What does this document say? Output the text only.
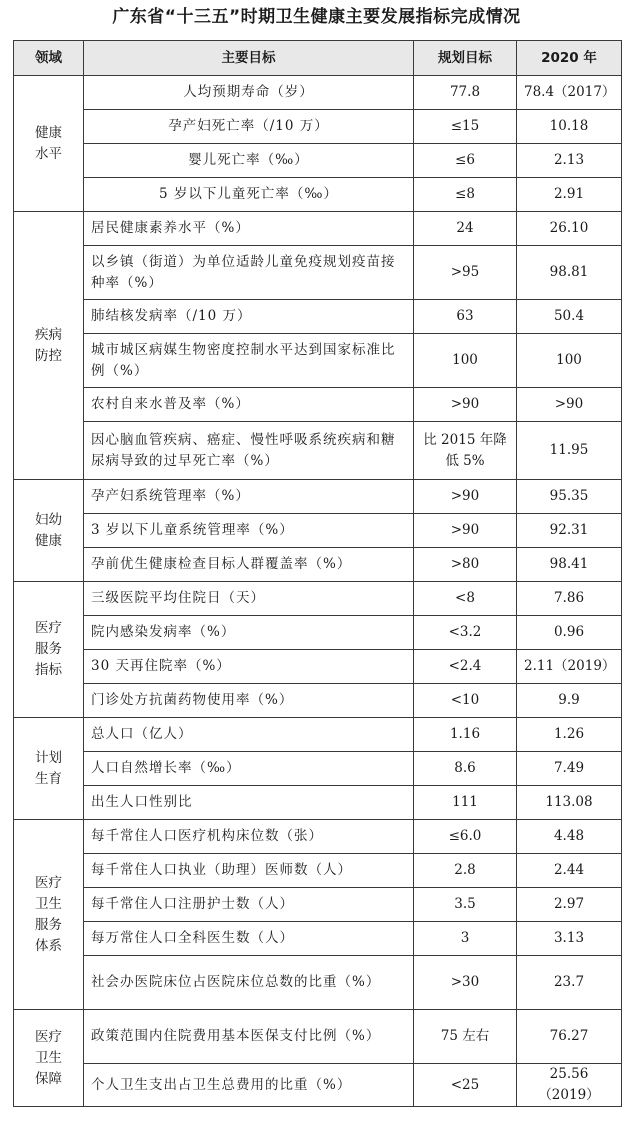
广东省“十三五”时期卫生健康主要发展指标完成情况
领域	主要目标	规划目标	2020 年
健康水平	人均预期寿命（岁）	77.8	78.4（2017）
	孕产妇死亡率（/10 万）	≤15	10.18
	婴儿死亡率（‰）	≤6	2.13
	5 岁以下儿童死亡率（‰）	≤8	2.91
疾病防控	居民健康素养水平（%）	24	26.10
	以乡镇（街道）为单位适龄儿童免疫规划疫苗接种率（%）	>95	98.81
	肺结核发病率（/10 万）	63	50.4
	城市城区病媒生物密度控制水平达到国家标准比例（%）	100	100
	农村自来水普及率（%）	>90	>90
	因心脑血管疾病、癌症、慢性呼吸系统疾病和糖尿病导致的过早死亡率（%）	比 2015 年降低 5%	11.95
妇幼健康	孕产妇系统管理率（%）	>90	95.35
	3 岁以下儿童系统管理率（%）	>90	92.31
	孕前优生健康检查目标人群覆盖率（%）	>80	98.41
医疗服务指标	三级医院平均住院日（天）	<8	7.86
	院内感染发病率（%）	<3.2	0.96
	30 天再住院率（%）	<2.4	2.11（2019）
	门诊处方抗菌药物使用率（%）	<10	9.9
计划生育	总人口（亿人）	1.16	1.26
	人口自然增长率（‰）	8.6	7.49
	出生人口性别比	111	113.08
医疗卫生服务体系	每千常住人口医疗机构床位数（张）	≤6.0	4.48
	每千常住人口执业（助理）医师数（人）	2.8	2.44
	每千常住人口注册护士数（人）	3.5	2.97
	每万常住人口全科医生数（人）	3	3.13
	社会办医院床位占医院床位总数的比重（%）	>30	23.7
医疗卫生保障	政策范围内住院费用基本医保支付比例（%）	75 左右	76.27
	个人卫生支出占卫生总费用的比重（%）	<25	25.56（2019）
